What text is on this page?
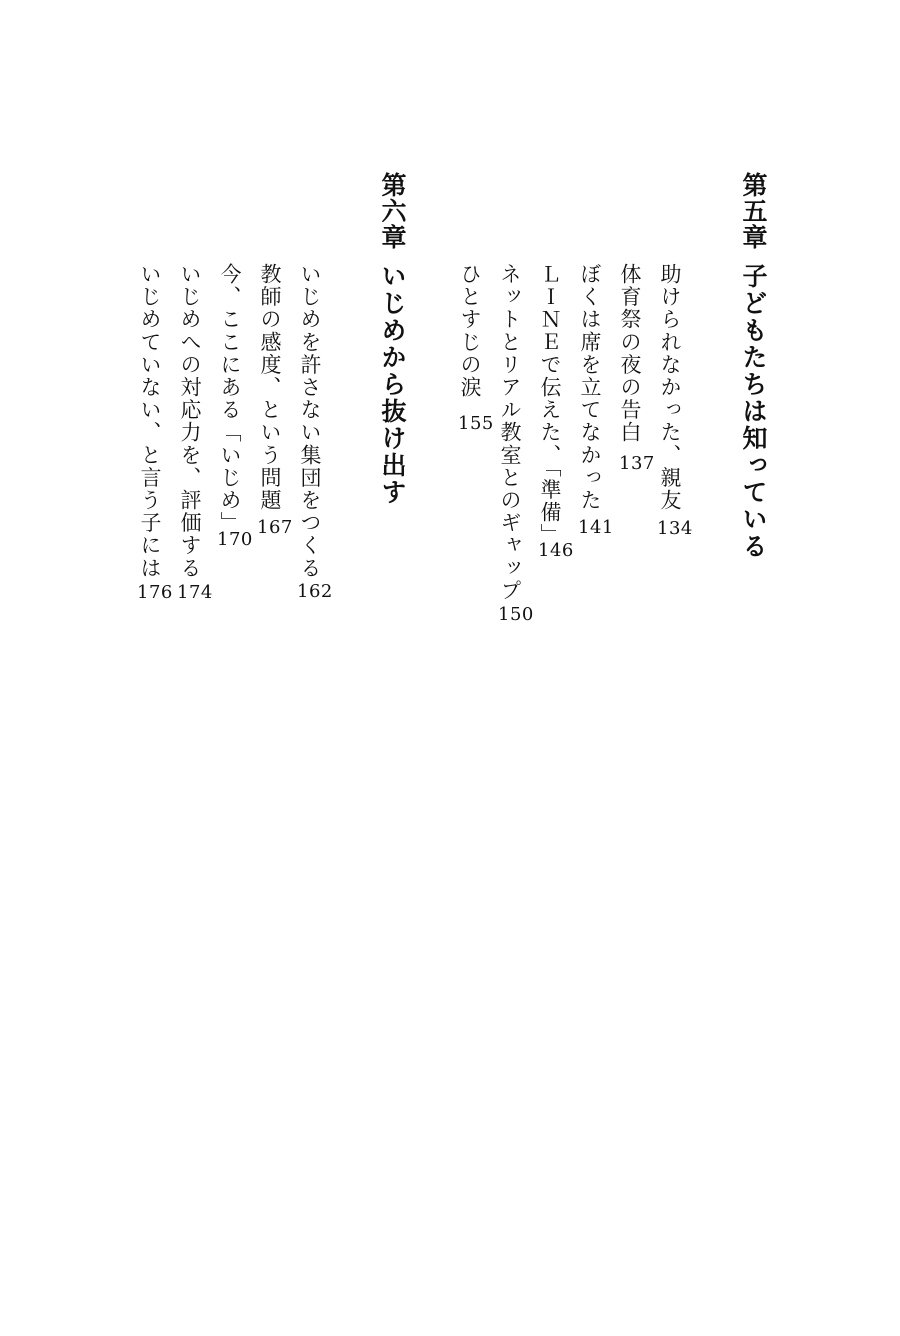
第五章
子どもたちは知っている
助けられなかった、親友
134
体育祭の夜の告白
137
ぼくは席を立てなかった
141
ＬＩＮＥで伝えた、「準備」
146
ネットとリアル教室とのギャップ
150
ひとすじの涙
155
第六章
いじめから抜け出す
いじめを許さない集団をつくる
162
教師の感度、という問題
167
今、ここにある「いじめ」
170
いじめへの対応力を、評価する
174
いじめていない、と言う子には
176
